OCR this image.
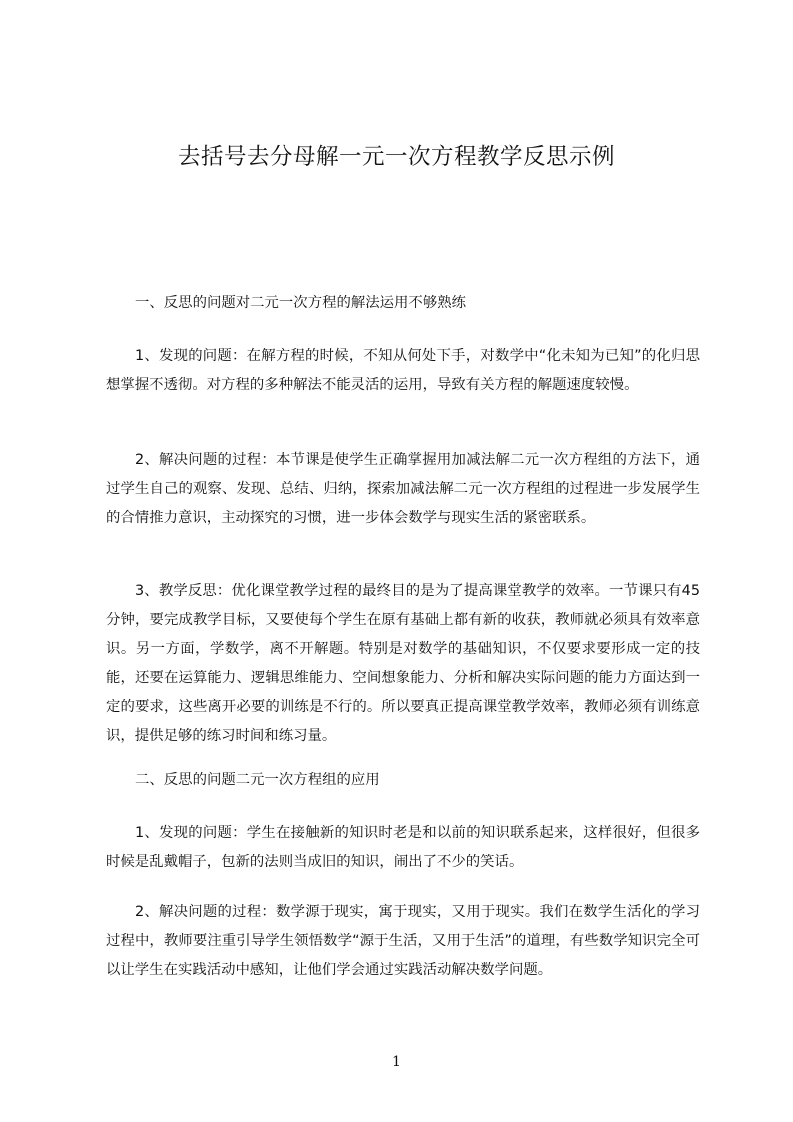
去括号去分母解一元一次方程教学反思示例

一、反思的问题对二元一次方程的解法运用不够熟练

1、发现的问题：在解方程的时候，不知从何处下手，对数学中“化未知为已知”的化归思想掌握不透彻。对方程的多种解法不能灵活的运用，导致有关方程的解题速度较慢。

2、解决问题的过程：本节课是使学生正确掌握用加减法解二元一次方程组的方法下，通过学生自己的观察、发现、总结、归纳，探索加减法解二元一次方程组的过程进一步发展学生的合情推力意识，主动探究的习惯，进一步体会数学与现实生活的紧密联系。

3、教学反思：优化课堂教学过程的最终目的是为了提高课堂教学的效率。一节课只有45分钟，要完成教学目标，又要使每个学生在原有基础上都有新的收获，教师就必须具有效率意识。另一方面，学数学，离不开解题。特别是对数学的基础知识，不仅要求要形成一定的技能，还要在运算能力、逻辑思维能力、空间想象能力、分析和解决实际问题的能力方面达到一定的要求，这些离开必要的训练是不行的。所以要真正提高课堂教学效率，教师必须有训练意识，提供足够的练习时间和练习量。

二、反思的问题二元一次方程组的应用

1、发现的问题：学生在接触新的知识时老是和以前的知识联系起来，这样很好，但很多时候是乱戴帽子，包新的法则当成旧的知识，闹出了不少的笑话。

2、解决问题的过程：数学源于现实，寓于现实，又用于现实。我们在数学生活化的学习过程中，教师要注重引导学生领悟数学“源于生活，又用于生活”的道理，有些数学知识完全可以让学生在实践活动中感知，让他们学会通过实践活动解决数学问题。

1
